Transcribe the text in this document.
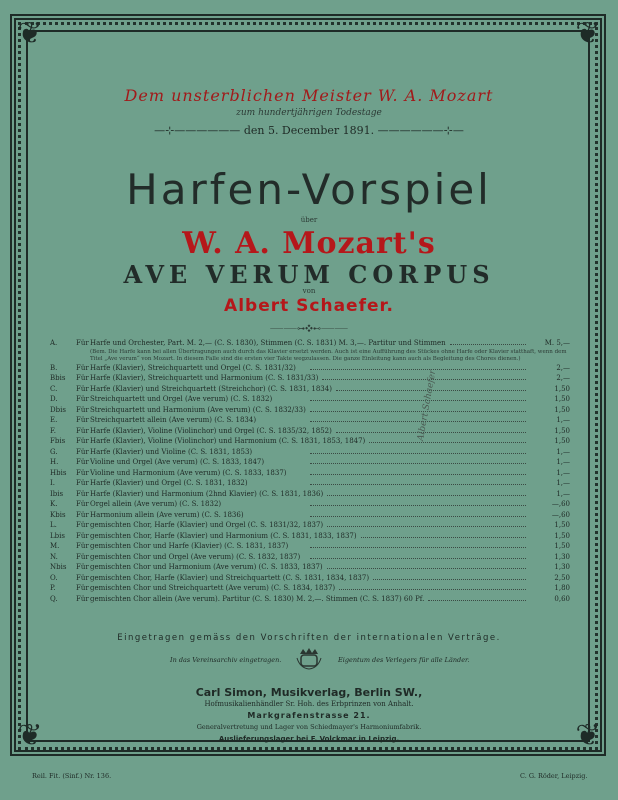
❦	❦
❦	❦
Dem unsterblichen Meister W. A. Mozart
zum hundertjährigen Todestage
—⊹—————— den 5. December 1891. ——————⊹—
Harfen-Vorspiel
über
W. A. Mozart's
AVE VERUM CORPUS
von
Albert Schaefer.
⸺⸺⊶❖⊷⸺⸺
A.	Für Harfe und Orchester, Part. M. 2,— (C. S. 1830), Stimmen (C. S. 1831) M. 3,—. Partitur und Stimmen	M. 5,—
(Bem. Die Harfe kann bei allen Übertragungen auch durch das Klavier ersetzt werden. Auch ist eine Aufführung des Stückes ohne Harfe oder Klavier statthaft, wenn dem Titel „Ave verum“ von Mozart. In diesem Falle sind die ersten vier Takte wegzulassen. Die ganze Einleitung kann auch als Begleitung des Chores dienen.)
B.	Für Harfe (Klavier), Streichquartett und Orgel (C. S. 1831/32)	2,—
Bbis	Für Harfe (Klavier), Streichquartett und Harmonium (C. S. 1831/33)	2,—
C.	Für Harfe (Klavier) und Streichquartett (Streichchor) (C. S. 1831, 1834)	1,50
D.	Für Streichquartett und Orgel (Ave verum) (C. S. 1832)	1,50
Dbis	Für Streichquartett und Harmonium (Ave verum) (C. S. 1832/33)	1,50
E.	Für Streichquartett allein (Ave verum) (C. S. 1834)	1,—
F.	Für Harfe (Klavier), Violine (Violinchor) und Orgel (C. S. 1835/32, 1852)	1,50
Fbis	Für Harfe (Klavier), Violine (Violinchor) und Harmonium (C. S. 1831, 1853, 1847)	1,50
G.	Für Harfe (Klavier) und Violine (C. S. 1831, 1853)	1,—
H.	Für Violine und Orgel (Ave verum) (C. S. 1833, 1847)	1,—
Hbis	Für Violine und Harmonium (Ave verum) (C. S. 1833, 1837)	1,—
I.	Für Harfe (Klavier) und Orgel (C. S. 1831, 1832)	1,—
Ibis	Für Harfe (Klavier) und Harmonium (2hnd Klavier) (C. S. 1831, 1836)	1,—
K.	Für Orgel allein (Ave verum) (C. S. 1832)	—,60
Kbis	Für Harmonium allein (Ave verum) (C. S. 1836)	—,60
L.	Für gemischten Chor, Harfe (Klavier) und Orgel (C. S. 1831/32, 1837)	1,50
Lbis	Für gemischten Chor, Harfe (Klavier) und Harmonium (C. S. 1831, 1833, 1837)	1,50
M.	Für gemischten Chor und Harfe (Klavier) (C. S. 1831, 1837)	1,50
N.	Für gemischten Chor und Orgel (Ave verum) (C. S. 1832, 1837)	1,30
Nbis	Für gemischten Chor und Harmonium (Ave verum) (C. S. 1833, 1837)	1,30
O.	Für gemischten Chor, Harfe (Klavier) und Streichquartett (C. S. 1831, 1834, 1837)	2,50
P.	Für gemischten Chor und Streichquartett (Ave verum) (C. S. 1834, 1837)	1,80
Q.	Für gemischten Chor allein (Ave verum). Partitur (C. S. 1830) M. 2,—. Stimmen (C. S. 1837) 60 Pf.	0,60
Albert Schaefer
Eingetragen gemäss den Vorschriften der internationalen Verträge.
In das Vereinsarchiv eingetragen.	Eigentum des Verlegers für alle Länder.
Carl Simon, Musikverlag, Berlin SW.,
Hofmusikalienhändler Sr. Hoh. des Erbprinzen von Anhalt.
Markgrafenstrasse 21.
Generalvertretung und Lager von Schiedmayer's Harmoniumfabrik.
Auslieferungslager bei F. Volckmar in Leipzig.
Reil. Fit. (Sinf.) Nr. 136.	C. G. Röder, Leipzig.
